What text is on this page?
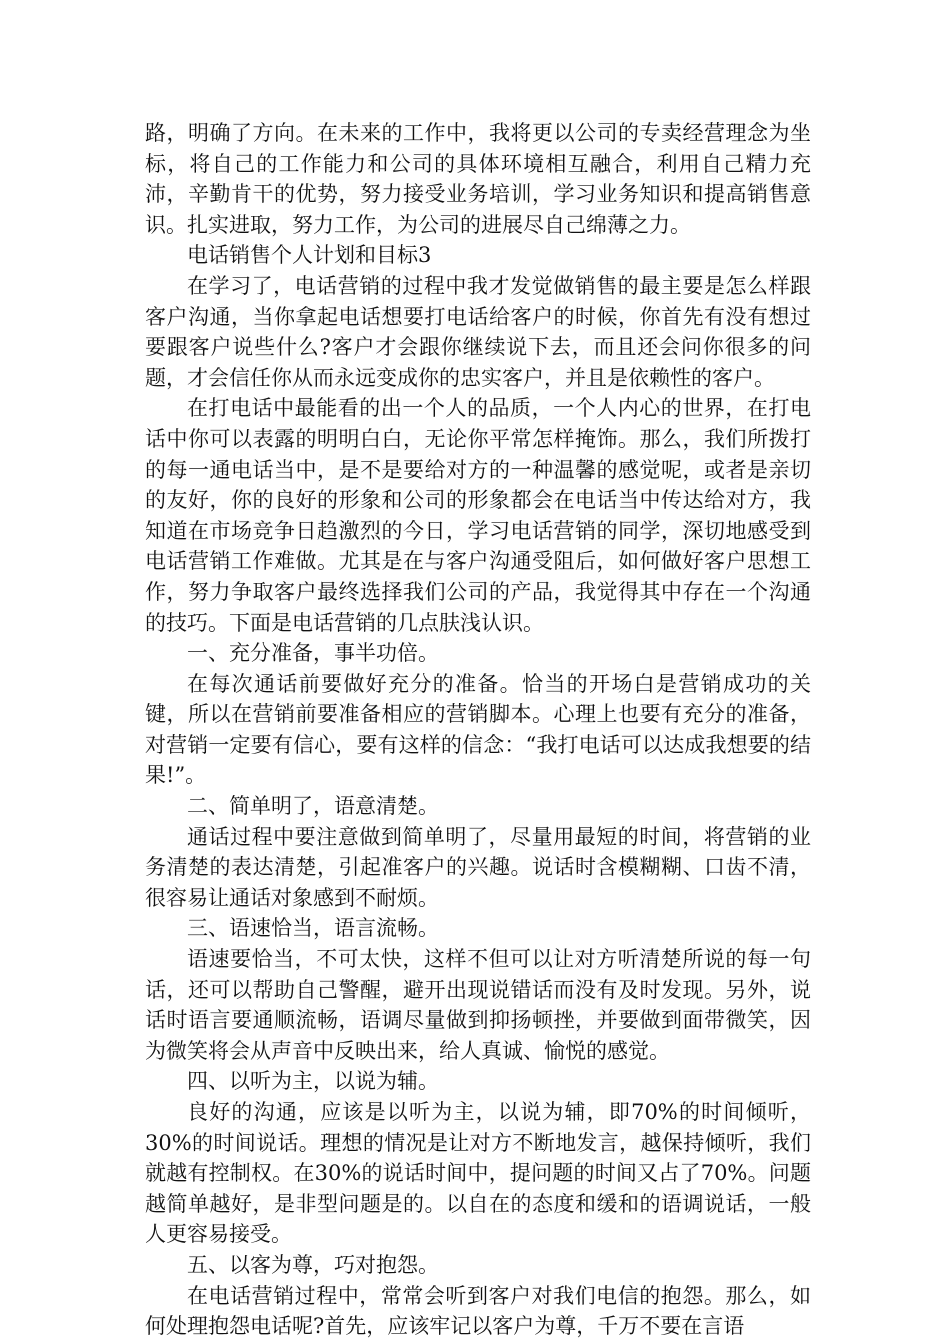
路，明确了方向。在未来的工作中，我将更以公司的专卖经营理念为坐标，将自己的工作能力和公司的具体环境相互融合，利用自己精力充沛，辛勤肯干的优势，努力接受业务培训，学习业务知识和提高销售意识。扎实进取，努力工作，为公司的进展尽自己绵薄之力。

电话销售个人计划和目标3

在学习了，电话营销的过程中我才发觉做销售的最主要是怎么样跟客户沟通，当你拿起电话想要打电话给客户的时候，你首先有没有想过要跟客户说些什么?客户才会跟你继续说下去，而且还会问你很多的问题，才会信任你从而永远变成你的忠实客户，并且是依赖性的客户。

在打电话中最能看的出一个人的品质，一个人内心的世界，在打电话中你可以表露的明明白白，无论你平常怎样掩饰。那么，我们所拨打的每一通电话当中，是不是要给对方的一种温馨的感觉呢，或者是亲切的友好，你的良好的形象和公司的形象都会在电话当中传达给对方，我知道在市场竞争日趋激烈的今日，学习电话营销的同学，深切地感受到电话营销工作难做。尤其是在与客户沟通受阻后，如何做好客户思想工作，努力争取客户最终选择我们公司的产品，我觉得其中存在一个沟通的技巧。下面是电话营销的几点肤浅认识。

一、充分准备，事半功倍。

在每次通话前要做好充分的准备。恰当的开场白是营销成功的关键，所以在营销前要准备相应的营销脚本。心理上也要有充分的准备，对营销一定要有信心，要有这样的信念：“我打电话可以达成我想要的结果!”。

二、简单明了，语意清楚。

通话过程中要注意做到简单明了，尽量用最短的时间，将营销的业务清楚的表达清楚，引起准客户的兴趣。说话时含模糊糊、口齿不清，很容易让通话对象感到不耐烦。

三、语速恰当，语言流畅。

语速要恰当，不可太快，这样不但可以让对方听清楚所说的每一句话，还可以帮助自己警醒，避开出现说错话而没有及时发现。另外，说话时语言要通顺流畅，语调尽量做到抑扬顿挫，并要做到面带微笑，因为微笑将会从声音中反映出来，给人真诚、愉悦的感觉。

四、以听为主，以说为辅。

良好的沟通，应该是以听为主，以说为辅，即70%的时间倾听，30%的时间说话。理想的情况是让对方不断地发言，越保持倾听，我们就越有控制权。在30%的说话时间中，提问题的时间又占了70%。问题越简单越好，是非型问题是的。以自在的态度和缓和的语调说话，一般人更容易接受。

五、以客为尊，巧对抱怨。

在电话营销过程中，常常会听到客户对我们电信的抱怨。那么，如何处理抱怨电话呢?首先，应该牢记以客户为尊，千万不要在言语
